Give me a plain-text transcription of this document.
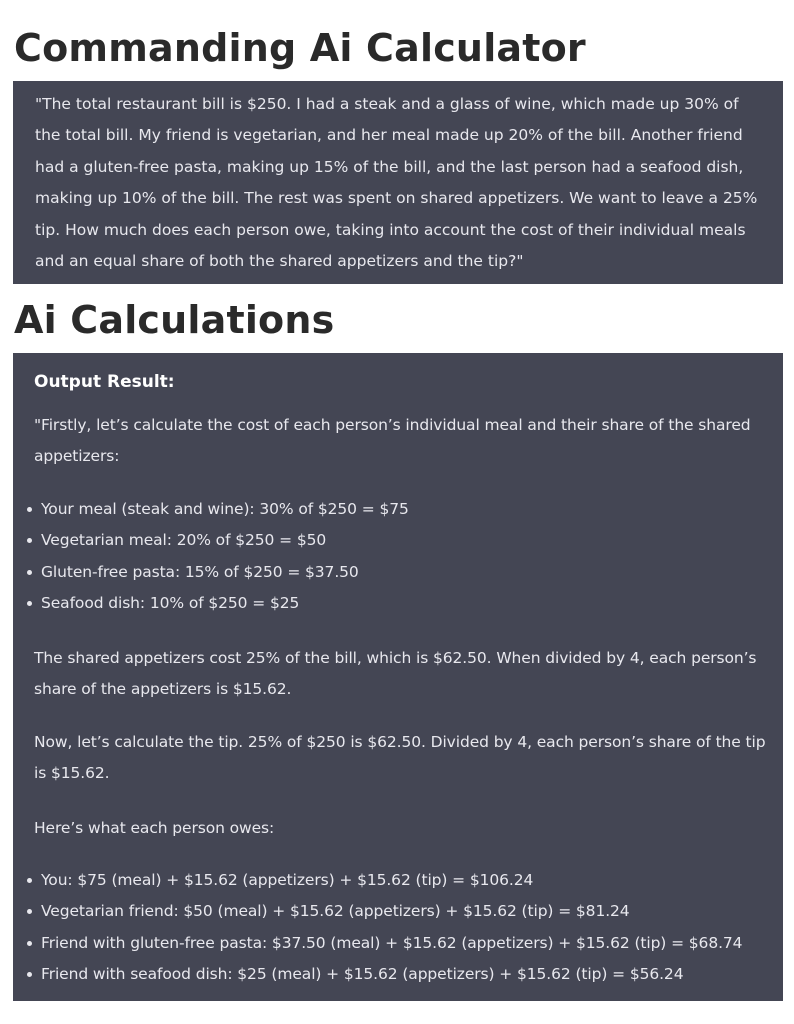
Commanding Ai Calculator

"The total restaurant bill is $250. I had a steak and a glass of wine, which made up 30% of the total bill. My friend is vegetarian, and her meal made up 20% of the bill. Another friend had a gluten-free pasta, making up 15% of the bill, and the last person had a seafood dish, making up 10% of the bill. The rest was spent on shared appetizers. We want to leave a 25% tip. How much does each person owe, taking into account the cost of their individual meals and an equal share of both the shared appetizers and the tip?"

Ai Calculations

Output Result:

"Firstly, let’s calculate the cost of each person’s individual meal and their share of the shared appetizers:

Your meal (steak and wine): 30% of $250 = $75
Vegetarian meal: 20% of $250 = $50
Gluten-free pasta: 15% of $250 = $37.50
Seafood dish: 10% of $250 = $25

The shared appetizers cost 25% of the bill, which is $62.50. When divided by 4, each person’s share of the appetizers is $15.62.

Now, let’s calculate the tip. 25% of $250 is $62.50. Divided by 4, each person’s share of the tip is $15.62.

Here’s what each person owes:

You: $75 (meal) + $15.62 (appetizers) + $15.62 (tip) = $106.24
Vegetarian friend: $50 (meal) + $15.62 (appetizers) + $15.62 (tip) = $81.24
Friend with gluten-free pasta: $37.50 (meal) + $15.62 (appetizers) + $15.62 (tip) = $68.74
Friend with seafood dish: $25 (meal) + $15.62 (appetizers) + $15.62 (tip) = $56.24
